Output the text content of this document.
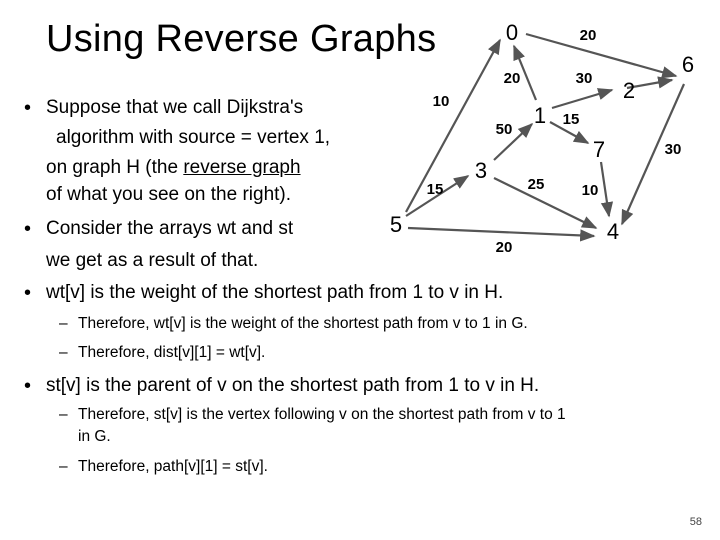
Using Reverse Graphs	0
1
2
3
4
5
6
7
20
20	30
10
50
15
15	25 10
20
30
• Suppose that we call Dijkstra's
algorithm with source = vertex 1,
on graph H (the reverse graph
of what you see on the right).
• Consider the arrays wt and st
we get as a result of that.
• wt[v] is the weight of the shortest path from 1 to v in H.
– Therefore, wt[v] is the weight of the shortest path from v to 1 in G.
– Therefore, dist[v][1] = wt[v].
• st[v] is the parent of v on the shortest path from 1 to v in H.
– Therefore, st[v] is the vertex following v on the shortest path from v to 1
in G.
– Therefore, path[v][1] = st[v].
58
